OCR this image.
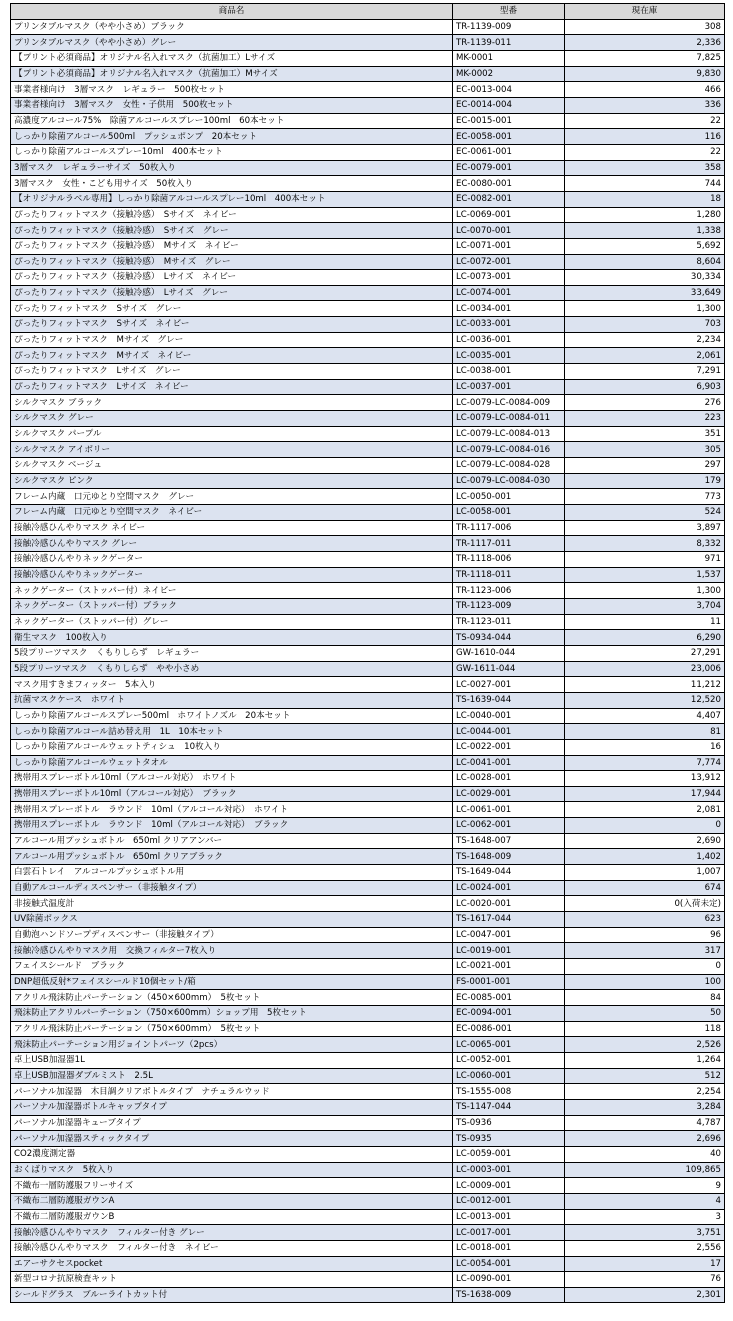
商品名	型番	現在庫
プリンタブルマスク（やや小さめ）ブラック	TR-1139-009	308
プリンタブルマスク（やや小さめ）グレー	TR-1139-011	2,336
【プリント必須商品】オリジナル名入れマスク（抗菌加工）Lサイズ	MK-0001	7,825
【プリント必須商品】オリジナル名入れマスク（抗菌加工）Mサイズ	MK-0002	9,830
事業者様向け　3層マスク　レギュラー　500枚セット	EC-0013-004	466
事業者様向け　3層マスク　女性・子供用　500枚セット	EC-0014-004	336
高濃度アルコール75%　除菌アルコールスプレー100ml　60本セット	EC-0015-001	22
しっかり除菌アルコール500ml　プッシュポンプ　20本セット	EC-0058-001	116
しっかり除菌アルコールスプレー10ml　400本セット	EC-0061-001	22
3層マスク　レギュラーサイズ　50枚入り	EC-0079-001	358
3層マスク　女性・こども用サイズ　50枚入り	EC-0080-001	744
【オリジナルラベル専用】しっかり除菌アルコールスプレー10ml　400本セット	EC-0082-001	18
ぴったりフィットマスク（接触冷感）　Sサイズ　ネイビー	LC-0069-001	1,280
ぴったりフィットマスク（接触冷感）　Sサイズ　グレー	LC-0070-001	1,338
ぴったりフィットマスク（接触冷感）　Mサイズ　ネイビー	LC-0071-001	5,692
ぴったりフィットマスク（接触冷感）　Mサイズ　グレー	LC-0072-001	8,604
ぴったりフィットマスク（接触冷感）　Lサイズ　ネイビー	LC-0073-001	30,334
ぴったりフィットマスク（接触冷感）　Lサイズ　グレー	LC-0074-001	33,649
ぴったりフィットマスク　Sサイズ　グレー	LC-0034-001	1,300
ぴったりフィットマスク　Sサイズ　ネイビー	LC-0033-001	703
ぴったりフィットマスク　Mサイズ　グレー	LC-0036-001	2,234
ぴったりフィットマスク　Mサイズ　ネイビー	LC-0035-001	2,061
ぴったりフィットマスク　Lサイズ　グレー	LC-0038-001	7,291
ぴったりフィットマスク　Lサイズ　ネイビー	LC-0037-001	6,903
シルクマスク ブラック	LC-0079-LC-0084-009	276
シルクマスク グレー	LC-0079-LC-0084-011	223
シルクマスク パープル	LC-0079-LC-0084-013	351
シルクマスク アイボリー	LC-0079-LC-0084-016	305
シルクマスク ベージュ	LC-0079-LC-0084-028	297
シルクマスク ピンク	LC-0079-LC-0084-030	179
フレーム内蔵　口元ゆとり空間マスク　グレー	LC-0050-001	773
フレーム内蔵　口元ゆとり空間マスク　ネイビー	LC-0058-001	524
接触冷感ひんやりマスク ネイビー	TR-1117-006	3,897
接触冷感ひんやりマスク グレー	TR-1117-011	8,332
接触冷感ひんやりネックゲーター	TR-1118-006	971
接触冷感ひんやりネックゲーター	TR-1118-011	1,537
ネックゲーター（ストッパー付）ネイビー	TR-1123-006	1,300
ネックゲーター（ストッパー付）ブラック	TR-1123-009	3,704
ネックゲーター（ストッパー付）グレー	TR-1123-011	11
衛生マスク　100枚入り	TS-0934-044	6,290
5段プリーツマスク　くもりしらず　レギュラー	GW-1610-044	27,291
5段プリーツマスク　くもりしらず　やや小さめ	GW-1611-044	23,006
マスク用すきまフィッター　5本入り	LC-0027-001	11,212
抗菌マスクケース　ホワイト	TS-1639-044	12,520
しっかり除菌アルコールスプレー500ml　ホワイトノズル　20本セット	LC-0040-001	4,407
しっかり除菌アルコール詰め替え用　1L　10本セット	LC-0044-001	81
しっかり除菌アルコールウェットティシュ　10枚入り	LC-0022-001	16
しっかり除菌アルコールウェットタオル	LC-0041-001	7,774
携帯用スプレーボトル10ml（アルコール対応）　ホワイト	LC-0028-001	13,912
携帯用スプレーボトル10ml（アルコール対応）　ブラック	LC-0029-001	17,944
携帯用スプレーボトル　ラウンド　10ml（アルコール対応）　ホワイト	LC-0061-001	2,081
携帯用スプレーボトル　ラウンド　10ml（アルコール対応）　ブラック	LC-0062-001	0
アルコール用プッシュボトル　650ml クリアアンバー	TS-1648-007	2,690
アルコール用プッシュボトル　650ml クリアブラック	TS-1648-009	1,402
白雲石トレイ　アルコールプッシュボトル用	TS-1649-044	1,007
自動アルコールディスペンサー（非接触タイプ）	LC-0024-001	674
非接触式温度計	LC-0020-001	0(入荷未定)
UV除菌ボックス	TS-1617-044	623
自動泡ハンドソープディスペンサー（非接触タイプ）	LC-0047-001	96
接触冷感ひんやりマスク用　交換フィルター7枚入り	LC-0019-001	317
フェイスシールド　ブラック	LC-0021-001	0
DNP超低反射*フェイスシールド10個セット/箱	FS-0001-001	100
アクリル飛沫防止パーテーション（450×600mm）　5枚セット	EC-0085-001	84
飛沫防止アクリルパーテーション（750×600mm）ショップ用　5枚セット	EC-0094-001	50
アクリル飛沫防止パーテーション（750×600mm）　5枚セット	EC-0086-001	118
飛沫防止パーテーション用ジョイントパーツ（2pcs）	LC-0065-001	2,526
卓上USB加湿器1L	LC-0052-001	1,264
卓上USB加湿器ダブルミスト　2.5L	LC-0060-001	512
パーソナル加湿器　木目調クリアボトルタイプ　ナチュラルウッド	TS-1555-008	2,254
パーソナル加湿器ボトルキャップタイプ	TS-1147-044	3,284
パーソナル加湿器キューブタイプ	TS-0936	4,787
パーソナル加湿器スティックタイプ	TS-0935	2,696
CO2濃度測定器	LC-0059-001	40
おくばりマスク　5枚入り	LC-0003-001	109,865
不織布一層防護服フリーサイズ	LC-0009-001	9
不織布二層防護服ガウンA	LC-0012-001	4
不織布二層防護服ガウンB	LC-0013-001	3
接触冷感ひんやりマスク　フィルター付き グレー	LC-0017-001	3,751
接触冷感ひんやりマスク　フィルター付き　ネイビー	LC-0018-001	2,556
エアーサクセスpocket	LC-0054-001	17
新型コロナ抗原検査キット	LC-0090-001	76
シールドグラス　ブルーライトカット付	TS-1638-009	2,301
